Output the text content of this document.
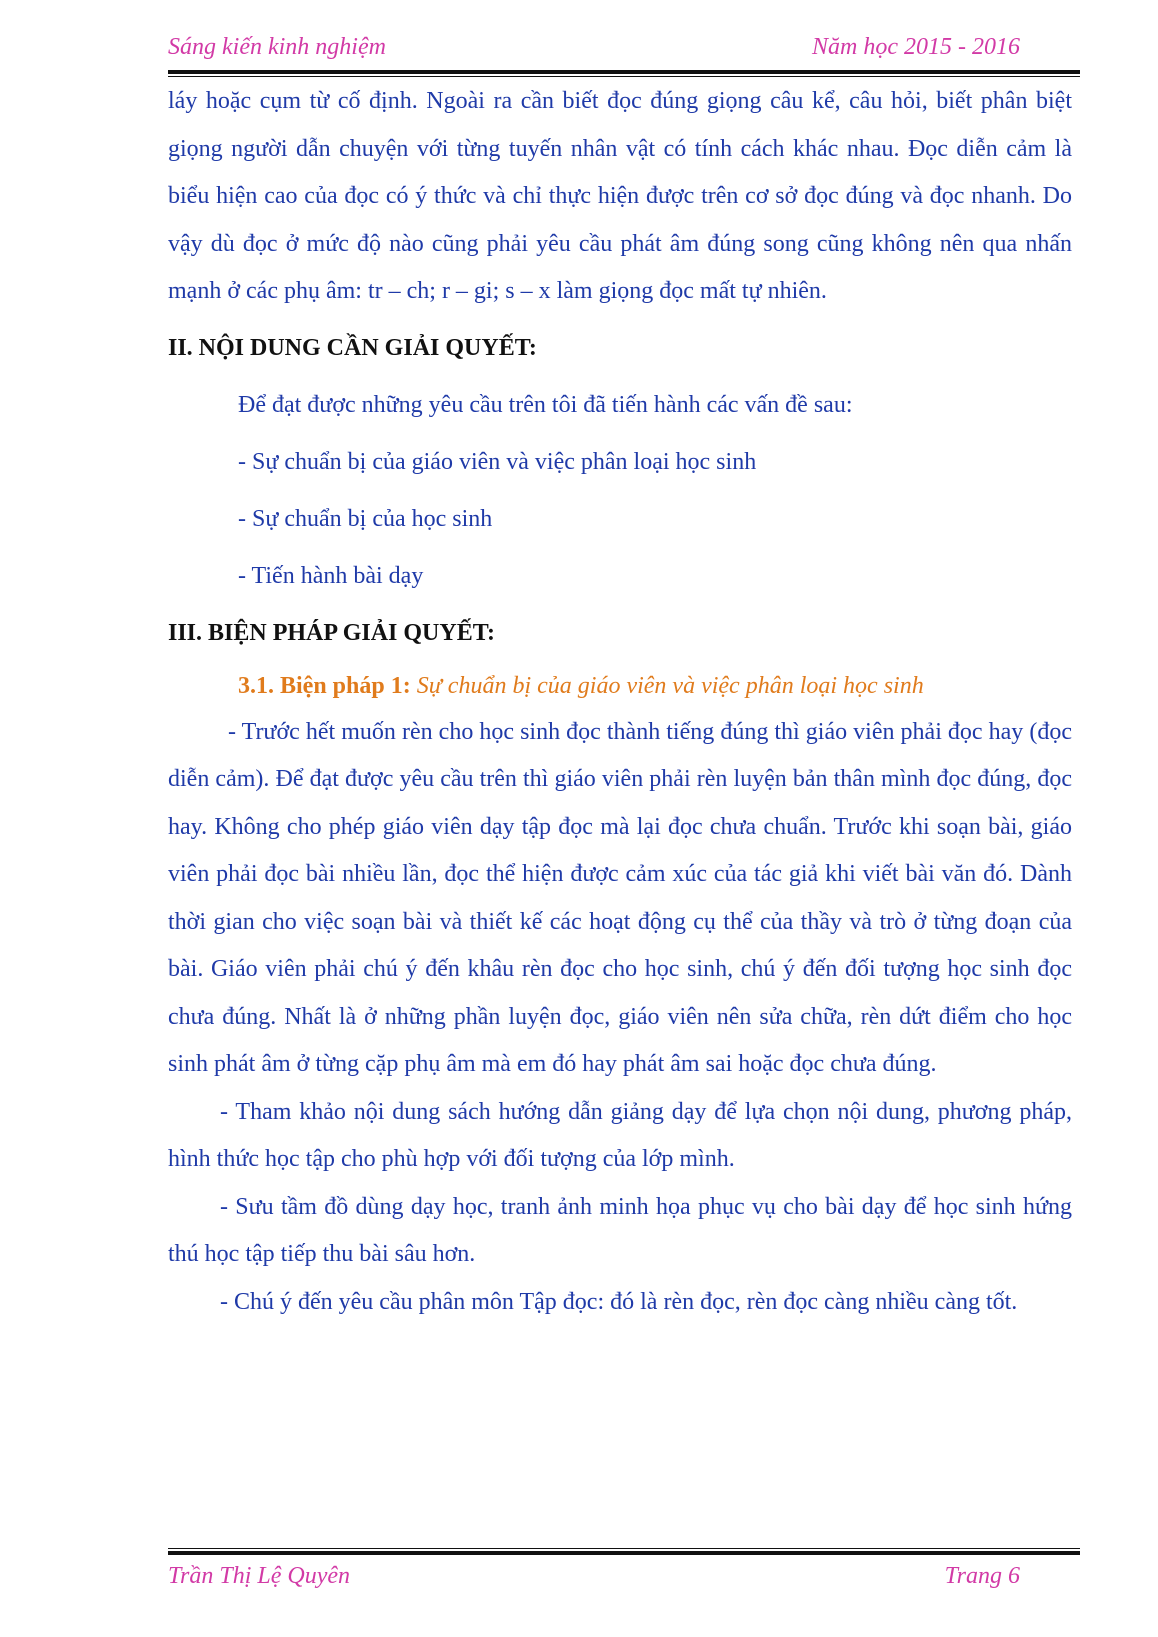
Sáng kiến kinh nghiệm	Năm học 2015 - 2016

láy hoặc cụm từ cố định. Ngoài ra cần biết đọc đúng giọng câu kể, câu hỏi, biết phân biệt giọng người dẫn chuyện với từng tuyến nhân vật có tính cách khác nhau. Đọc diễn cảm là biểu hiện cao của đọc có ý thức và chỉ thực hiện được trên cơ sở đọc đúng và đọc nhanh. Do vậy dù đọc ở mức độ nào cũng phải yêu cầu phát âm đúng song cũng không nên qua nhấn mạnh ở các phụ âm: tr – ch; r – gi; s – x làm giọng đọc mất tự nhiên.

II. NỘI DUNG CẦN GIẢI QUYẾT:
Để đạt được những yêu cầu trên tôi đã tiến hành các vấn đề sau:
- Sự chuẩn bị của giáo viên và việc phân loại học sinh
- Sự chuẩn bị của học sinh
- Tiến hành bài dạy
III. BIỆN PHÁP GIẢI QUYẾT:
3.1. Biện pháp 1: Sự chuẩn bị của giáo viên và việc phân loại học sinh

- Trước hết muốn rèn cho học sinh đọc thành tiếng đúng thì giáo viên phải đọc hay (đọc diễn cảm). Để đạt được yêu cầu trên thì giáo viên phải rèn luyện bản thân mình đọc đúng, đọc hay. Không cho phép giáo viên dạy tập đọc mà lại đọc chưa chuẩn. Trước khi soạn bài, giáo viên phải đọc bài nhiều lần, đọc thể hiện được cảm xúc của tác giả khi viết bài văn đó. Dành thời gian cho việc soạn bài và thiết kế các hoạt động cụ thể của thầy và trò ở từng đoạn của bài. Giáo viên phải chú ý đến khâu rèn đọc cho học sinh, chú ý đến đối tượng học sinh đọc chưa đúng. Nhất là ở những phần luyện đọc, giáo viên nên sửa chữa, rèn dứt điểm cho học sinh phát âm ở từng cặp phụ âm mà em đó hay phát âm sai hoặc đọc chưa đúng.

- Tham khảo nội dung sách hướng dẫn giảng dạy để lựa chọn nội dung, phương pháp, hình thức học tập cho phù hợp với đối tượng của lớp mình.

- Sưu tầm đồ dùng dạy học, tranh ảnh minh họa phục vụ cho bài dạy để học sinh hứng thú học tập tiếp thu bài sâu hơn.

- Chú ý đến yêu cầu phân môn Tập đọc: đó là rèn đọc, rèn đọc càng nhiều càng tốt.

Trần Thị Lệ Quyên	Trang 6
